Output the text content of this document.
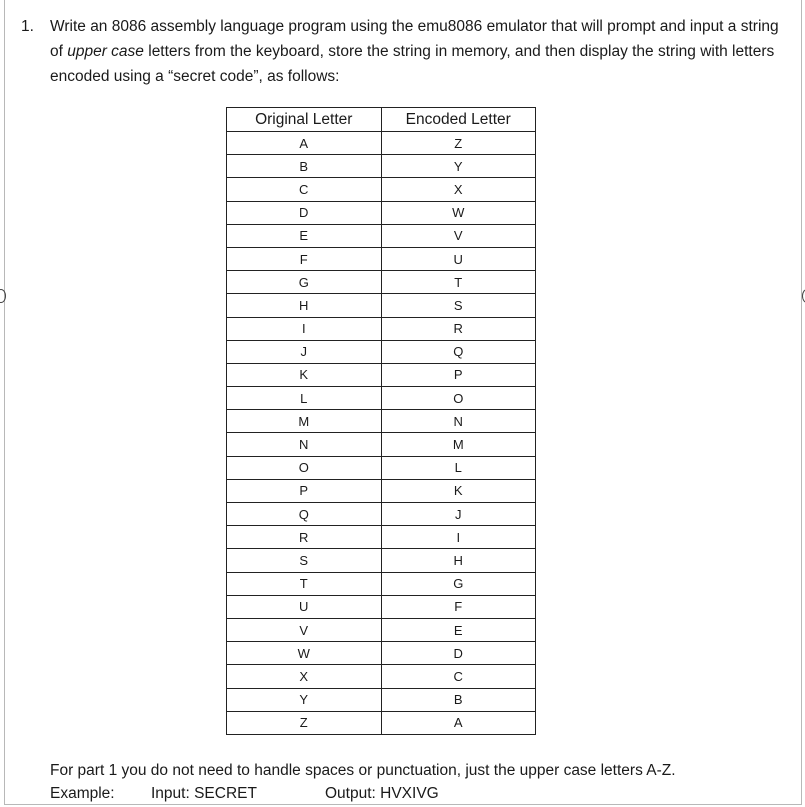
1. Write an 8086 assembly language program using the emu8086 emulator that will prompt and input a string of upper case letters from the keyboard, store the string in memory, and then display the string with letters encoded using a “secret code”, as follows:
Original Letter	Encoded Letter
A	Z
B	Y
C	X
D	W
E	V
F	U
G	T
H	S
I	R
J	Q
K	P
L	O
M	N
N	M
O	L
P	K
Q	J
R	I
S	H
T	G
U	F
V	E
W	D
X	C
Y	B
Z	A
For part 1 you do not need to handle spaces or punctuation, just the upper case letters A-Z.
Example: Input: SECRET	Output: HVXIVG
